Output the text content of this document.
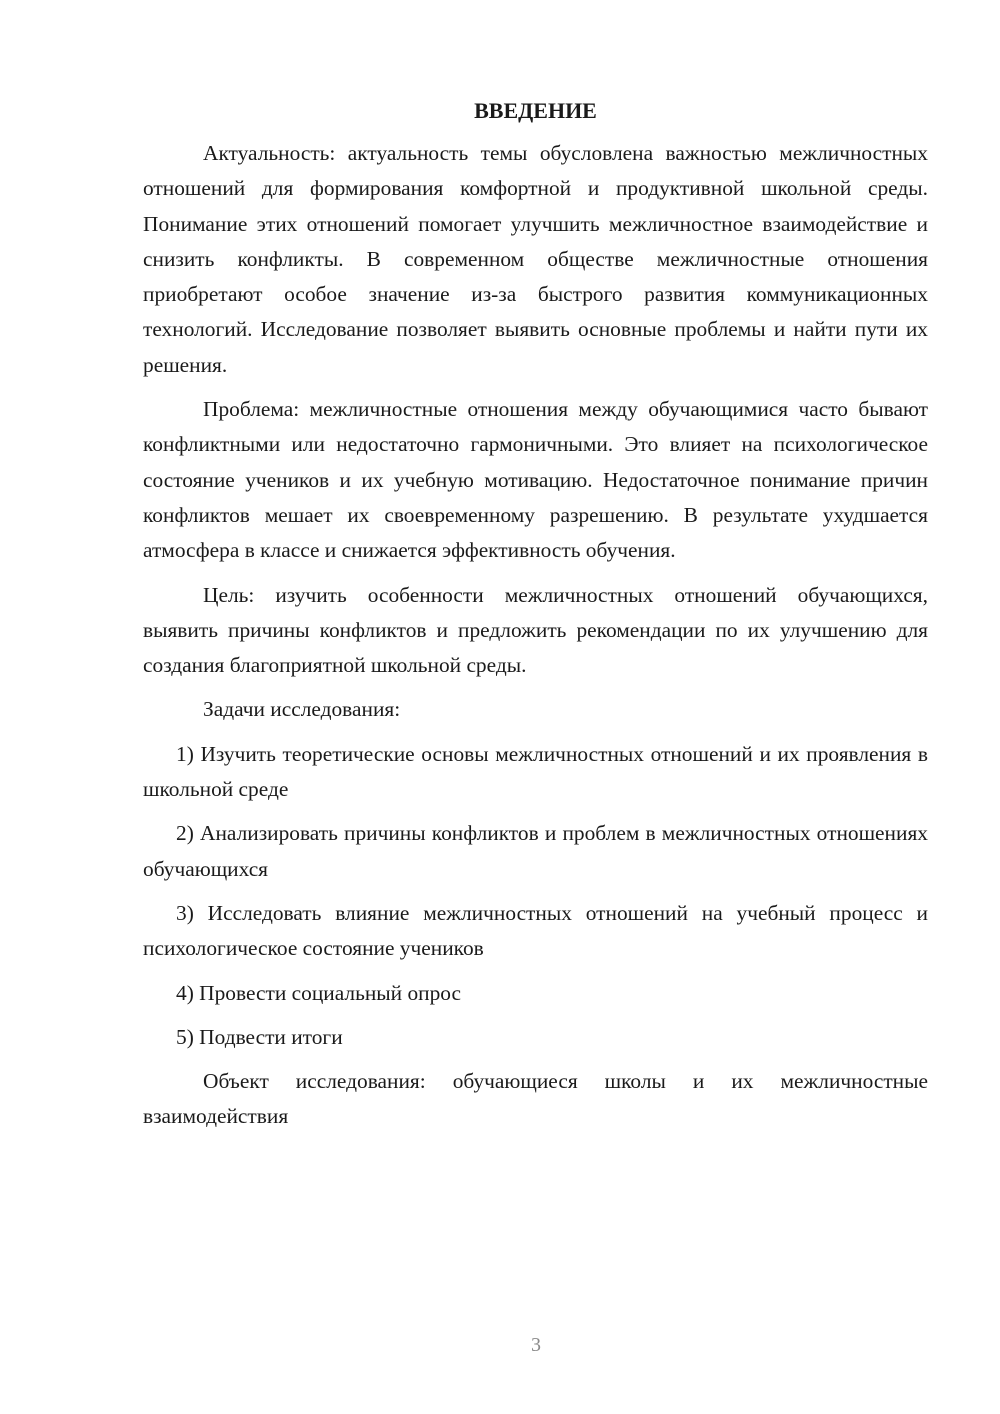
ВВЕДЕНИЕ

Актуальность: актуальность темы обусловлена важностью межличностных отношений для формирования комфортной и продуктивной школьной среды. Понимание этих отношений помогает улучшить межличностное взаимодействие и снизить конфликты. В современном обществе межличностные отношения приобретают особое значение из-за быстрого развития коммуникационных технологий. Исследование позволяет выявить основные проблемы и найти пути их решения.

Проблема: межличностные отношения между обучающимися часто бывают конфликтными или недостаточно гармоничными. Это влияет на психологическое состояние учеников и их учебную мотивацию. Недостаточное понимание причин конфликтов мешает их своевременному разрешению. В результате ухудшается атмосфера в классе и снижается эффективность обучения.

Цель: изучить особенности межличностных отношений обучающихся, выявить причины конфликтов и предложить рекомендации по их улучшению для создания благоприятной школьной среды.

Задачи исследования:

1) Изучить теоретические основы межличностных отношений и их проявления в школьной среде

2) Анализировать причины конфликтов и проблем в межличностных отношениях обучающихся

3) Исследовать влияние межличностных отношений на учебный процесс и психологическое состояние учеников

4) Провести социальный опрос

5) Подвести итоги

Объект исследования: обучающиеся школы и их межличностные взаимодействия

3
